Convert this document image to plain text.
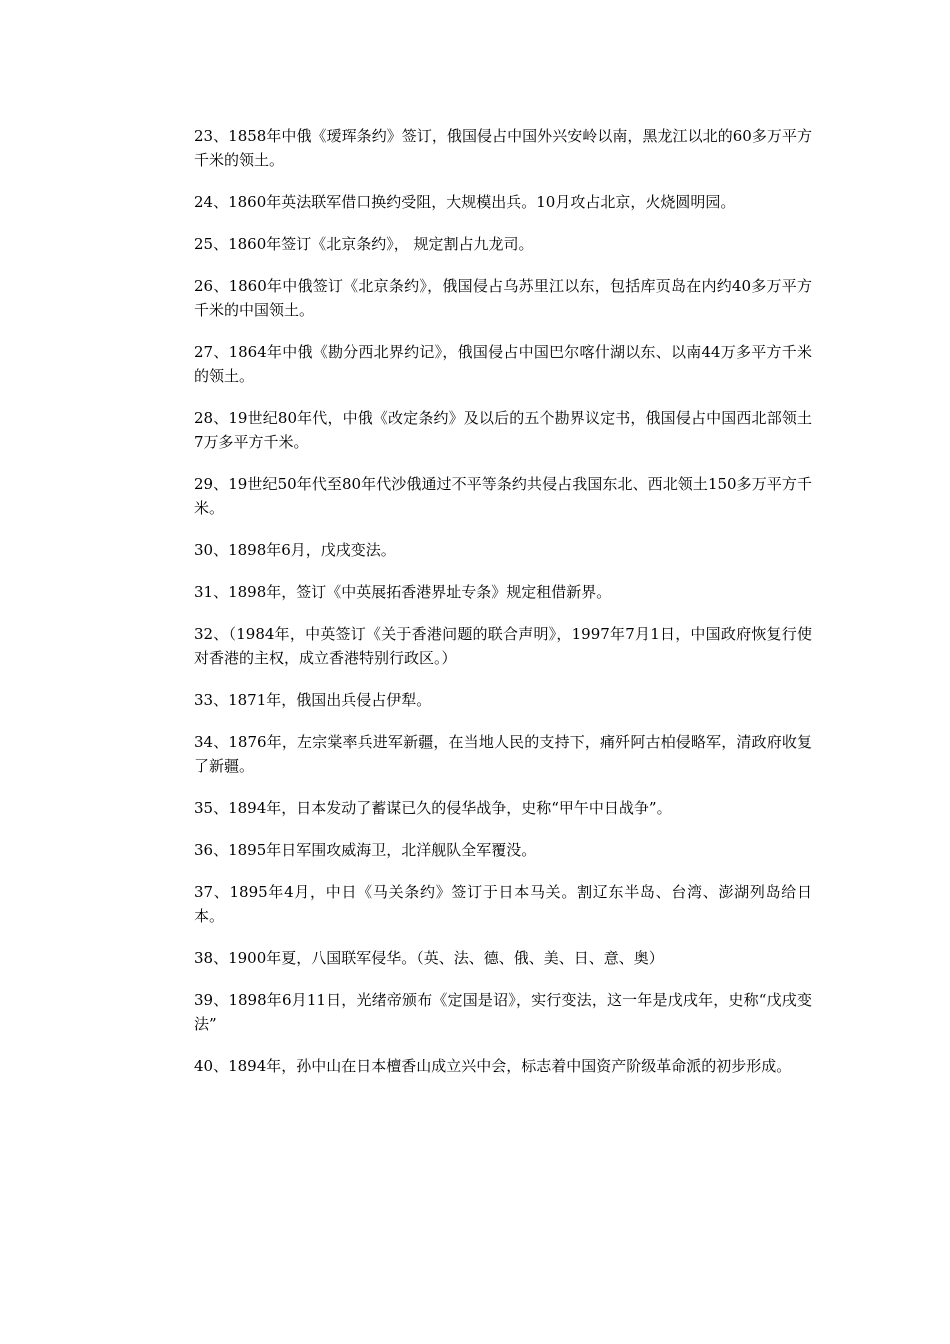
23、1858年中俄《瑷珲条约》签订，俄国侵占中国外兴安岭以南，黑龙江以北的60多万平方千米的领土。

24、1860年英法联军借口换约受阻，大规模出兵。10月攻占北京，火烧圆明园。

25、1860年签订《北京条约》， 规定割占九龙司。

26、1860年中俄签订《北京条约》，俄国侵占乌苏里江以东，包括库页岛在内约40多万平方千米的中国领土。

27、1864年中俄《勘分西北界约记》，俄国侵占中国巴尔喀什湖以东、以南44万多平方千米的领土。

28、19世纪80年代，中俄《改定条约》及以后的五个勘界议定书，俄国侵占中国西北部领土7万多平方千米。

29、19世纪50年代至80年代沙俄通过不平等条约共侵占我国东北、西北领土150多万平方千米。

30、1898年6月，戊戌变法。

31、1898年，签订《中英展拓香港界址专条》规定租借新界。

32、（1984年，中英签订《关于香港问题的联合声明》，1997年7月1日，中国政府恢复行使对香港的主权，成立香港特别行政区。）

33、1871年，俄国出兵侵占伊犁。

34、1876年，左宗棠率兵进军新疆，在当地人民的支持下，痛歼阿古柏侵略军，清政府收复了新疆。

35、1894年，日本发动了蓄谋已久的侵华战争，史称“甲午中日战争”。

36、1895年日军围攻威海卫，北洋舰队全军覆没。

37、1895年4月，中日《马关条约》签订于日本马关。割辽东半岛、台湾、澎湖列岛给日本。

38、1900年夏，八国联军侵华。（英、法、德、俄、美、日、意、奥）

39、1898年6月11日，光绪帝颁布《定国是诏》，实行变法，这一年是戊戌年，史称“戊戌变法”

40、1894年，孙中山在日本檀香山成立兴中会，标志着中国资产阶级革命派的初步形成。
